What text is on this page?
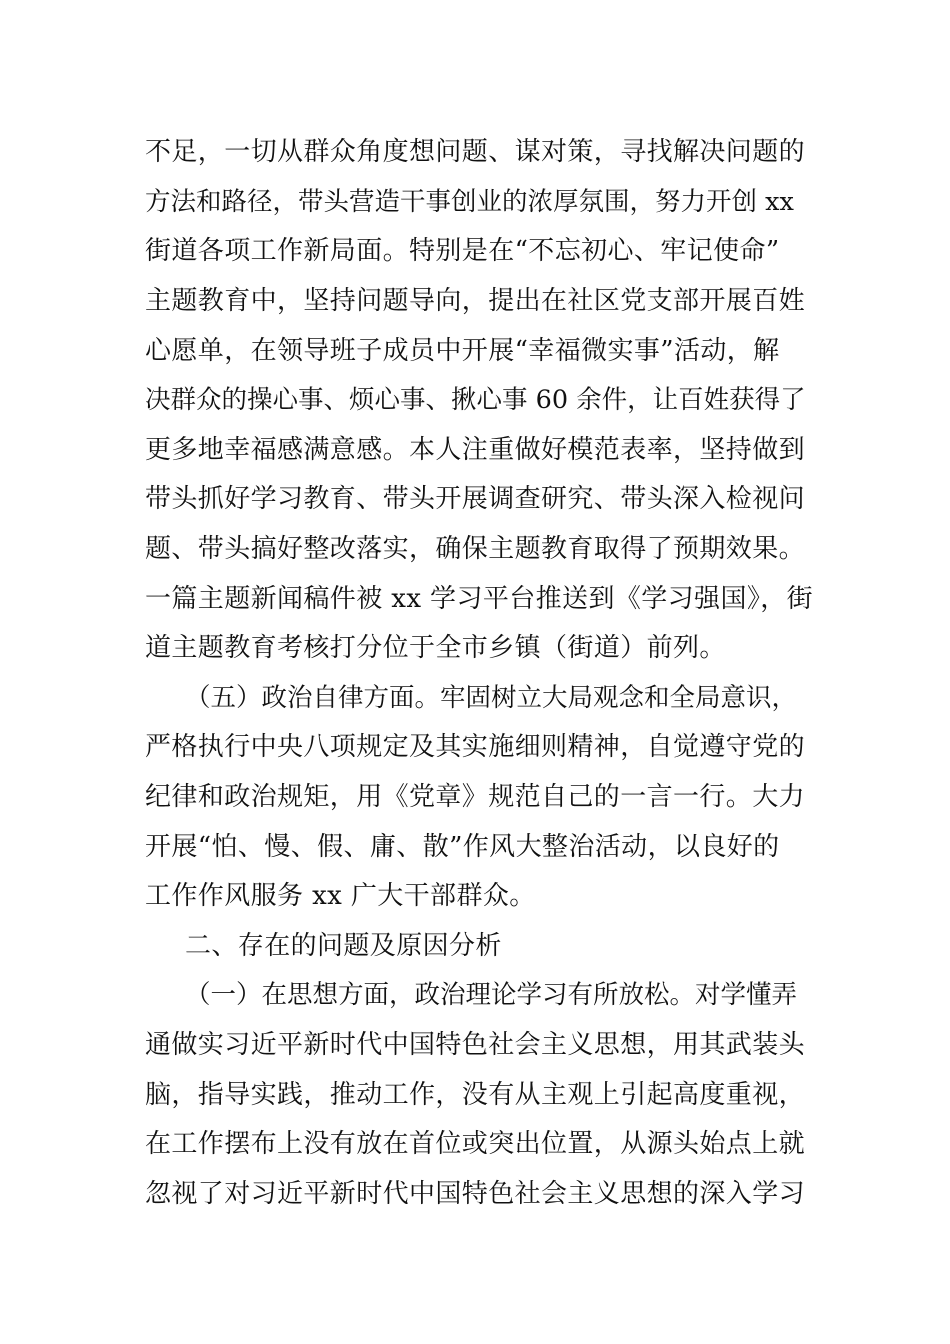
不足，一切从群众角度想问题、谋对策，寻找解决问题的
方法和路径，带头营造干事创业的浓厚氛围，努力开创 xx
街道各项工作新局面。特别是在“不忘初心、牢记使命”
主题教育中，坚持问题导向，提出在社区党支部开展百姓
心愿单，在领导班子成员中开展“幸福微实事”活动，解
决群众的操心事、烦心事、揪心事 60 余件，让百姓获得了
更多地幸福感满意感。本人注重做好模范表率，坚持做到
带头抓好学习教育、带头开展调查研究、带头深入检视问
题、带头搞好整改落实，确保主题教育取得了预期效果。
一篇主题新闻稿件被 xx 学习平台推送到《学习强国》，街
道主题教育考核打分位于全市乡镇（街道）前列。
（五）政治自律方面。牢固树立大局观念和全局意识，
严格执行中央八项规定及其实施细则精神，自觉遵守党的
纪律和政治规矩，用《党章》规范自己的一言一行。大力
开展“怕、慢、假、庸、散”作风大整治活动，以良好的
工作作风服务 xx 广大干部群众。
二、存在的问题及原因分析
（一）在思想方面，政治理论学习有所放松。对学懂弄
通做实习近平新时代中国特色社会主义思想，用其武装头
脑，指导实践，推动工作，没有从主观上引起高度重视，
在工作摆布上没有放在首位或突出位置，从源头始点上就
忽视了对习近平新时代中国特色社会主义思想的深入学习
